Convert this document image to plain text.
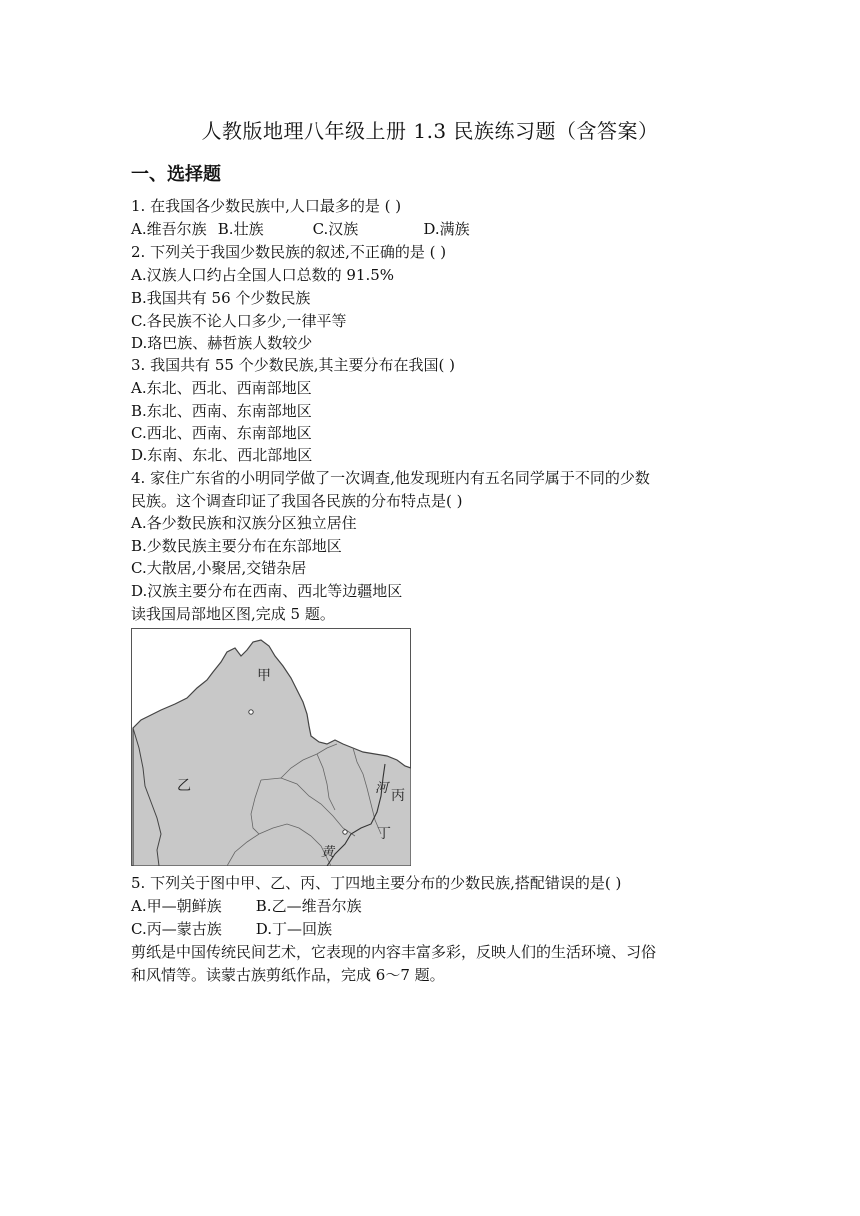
人教版地理八年级上册 1.3 民族练习题（含答案）
一、选择题
1. 在我国各少数民族中,人口最多的是 ( )
A.维吾尔族 B.壮族	C.汉族	D.满族
2. 下列关于我国少数民族的叙述,不正确的是 ( )
A.汉族人口约占全国人口总数的 91.5%
B.我国共有 56 个少数民族
C.各民族不论人口多少,一律平等
D.珞巴族、赫哲族人数较少
3. 我国共有 55 个少数民族,其主要分布在我国( )
A.东北、西北、西南部地区
B.东北、西南、东南部地区
C.西北、西南、东南部地区
D.东南、东北、西北部地区
4. 家住广东省的小明同学做了一次调查,他发现班内有五名同学属于不同的少数
民族。这个调查印证了我国各民族的分布特点是( )
A.各少数民族和汉族分区独立居住
B.少数民族主要分布在东部地区
C.大散居,小聚居,交错杂居
D.汉族主要分布在西南、西北等边疆地区
读我国局部地区图,完成 5 题。
甲
乙	河 丙
丁
黄
5. 下列关于图中甲、乙、丙、丁四地主要分布的少数民族,搭配错误的是( )
A.甲—朝鲜族 B.乙—维吾尔族
C.丙—蒙古族 D.丁—回族
剪纸是中国传统民间艺术，它表现的内容丰富多彩，反映人们的生活环境、习俗
和风情等。读蒙古族剪纸作品，完成 6～7 题。
